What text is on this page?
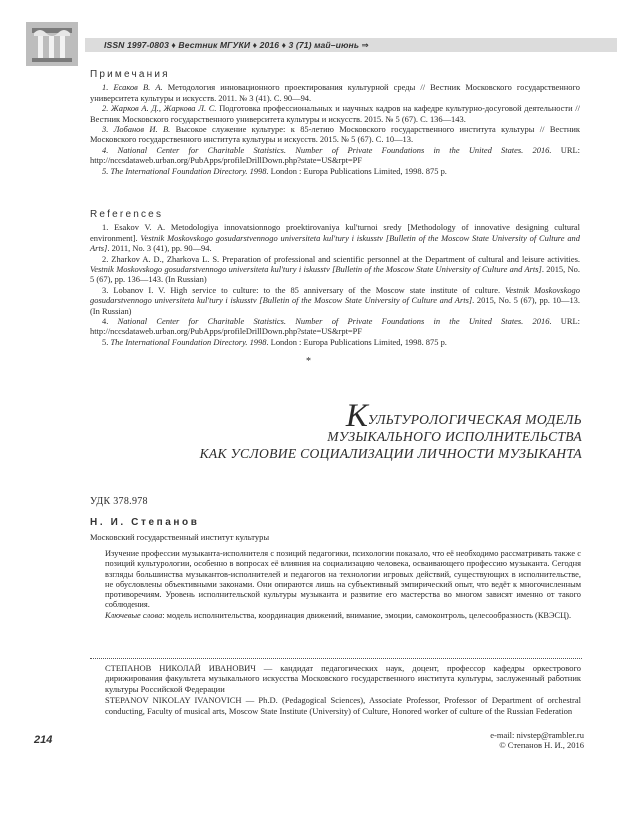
ISSN 1997-0803 ♦ Вестник МГУКИ ♦ 2016 ♦ 3 (71) май–июнь ⇒
Примечания

1. Есаков В. А. Методология инновационного проектирования культурной среды // Вестник Московского государственного университета культуры и искусств. 2011. № 3 (41). С. 90—94.

2. Жарков А. Д., Жаркова Л. С. Подготовка профессиональных и научных кадров на кафедре культурно-досуговой деятельности // Вестник Московского государственного университета культуры и искусств. 2015. № 5 (67). С. 136—143.

3. Лобанов И. В. Высокое служение культуре: к 85-летию Московского государственного института культуры // Вестник Московского государственного института культуры и искусств. 2015. № 5 (67). С. 10—13.

4. National Center for Charitable Statistics. Number of Private Foundations in the United States. 2016. URL: http://nccsdataweb.urban.org/PubApps/profileDrillDown.php?state=US&rpt=PF

5. The International Foundation Directory. 1998. London : Europa Publications Limited, 1998. 875 p.

References

1. Esakov V. A. Metodologiya innovatsionnogo proektirovaniya kul'turnoi sredy [Methodology of innovative designing cultural environment]. Vestnik Moskovskogo gosudarstvennogo universiteta kul'tury i iskusstv [Bulletin of the Moscow State University of Culture and Arts]. 2011, No. 3 (41), pp. 90—94.

2. Zharkov A. D., Zharkova L. S. Preparation of professional and scientific personnel at the Department of cultural and leisure activities. Vestnik Moskovskogo gosudarstvennogo universiteta kul'tury i iskusstv [Bulletin of the Moscow State University of Culture and Arts]. 2015, No. 5 (67), pp. 136—143. (In Russian)

3. Lobanov I. V. High service to culture: to the 85 anniversary of the Moscow state institute of culture. Vestnik Moskovskogo gosudarstvennogo universiteta kul'tury i iskusstv [Bulletin of the Moscow State University of Culture and Arts]. 2015, No. 5 (67), pp. 10—13. (In Russian)

4. National Center for Charitable Statistics. Number of Private Foundations in the United States. 2016. URL: http://nccsdataweb.urban.org/PubApps/profileDrillDown.php?state=US&rpt=PF

5. The International Foundation Directory. 1998. London : Europa Publications Limited, 1998. 875 p.

*
КУЛЬТУРОЛОГИЧЕСКАЯ МОДЕЛЬ
МУЗЫКАЛЬНОГО ИСПОЛНИТЕЛЬСТВА
КАК УСЛОВИЕ СОЦИАЛИЗАЦИИ ЛИЧНОСТИ МУЗЫКАНТА
УДК 378.978
Н. И. Степанов
Московский государственный институт культуры

Изучение профессии музыканта-исполнителя с позиций педагогики, психологии показало, что её необходимо рассматривать также с позиций культурологии, особенно в вопросах её влияния на социализацию человека, осваивающего профессию музыканта. Сегодня взгляды большинства музыкантов-исполнителей и педагогов на технологии игровых действий, существующих в исполнительстве, не обусловлены объективными законами. Они опираются лишь на субъективный эмпирический опыт, что ведёт к многочисленным противоречиям. Уровень исполнительской культуры музыканта и развитие его мастерства во многом зависят именно от такого соблюдения.

Ключевые слова: модель исполнительства, координация движений, внимание, эмоции, самоконтроль, целесообразность (КВЭСЦ).

СТЕПАНОВ НИКОЛАЙ ИВАНОВИЧ — кандидат педагогических наук, доцент, профессор кафедры оркестрового дирижирования факультета музыкального искусства Московского государственного института культуры, заслуженный работник культуры Российской Федерации

STEPANOV NIKOLAY IVANOVICH — Ph.D. (Pedagogical Sciences), Associate Professor, Professor of Department of orchestral conducting, Faculty of musical arts, Moscow State Institute (University) of Culture, Honored worker of culture of the Russian Federation

e-mail: nivstep@rambler.ru
© Степанов Н. И., 2016
214
